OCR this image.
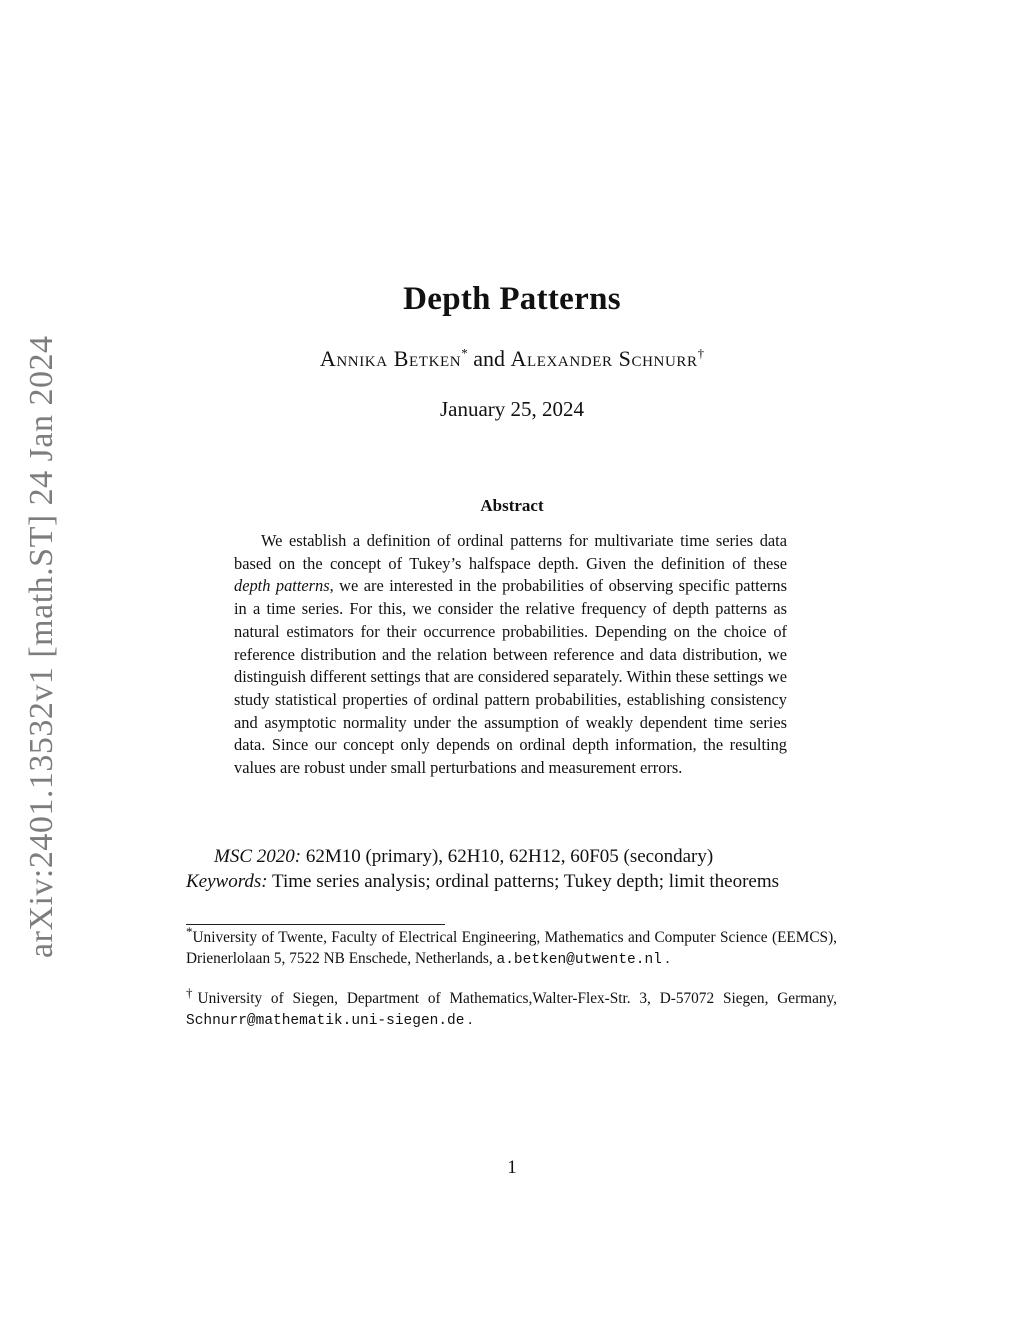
arXiv:2401.13532v1 [math.ST] 24 Jan 2024
Depth Patterns
Annika Betken* and Alexander Schnurr†
January 25, 2024
Abstract
We establish a definition of ordinal patterns for multivariate time series data based on the concept of Tukey’s halfspace depth. Given the definition of these depth patterns, we are interested in the probabilities of observing specific patterns in a time series. For this, we consider the relative frequency of depth patterns as natural estimators for their occurrence probabilities. Depending on the choice of reference distribution and the relation between reference and data distribution, we distinguish different settings that are considered separately. Within these settings we study statistical properties of ordinal pattern probabilities, establishing consistency and asymptotic normality under the assumption of weakly dependent time series data. Since our concept only depends on ordinal depth information, the resulting values are robust under small perturbations and measurement errors.
MSC 2020: 62M10 (primary), 62H10, 62H12, 60F05 (secondary)
Keywords: Time series analysis; ordinal patterns; Tukey depth; limit theorems
*University of Twente, Faculty of Electrical Engineering, Mathematics and Computer Science (EEMCS), Drienerlolaan 5, 7522 NB Enschede, Netherlands, a.betken@utwente.nl .
†University of Siegen, Department of Mathematics,Walter-Flex-Str. 3, D-57072 Siegen, Germany, Schnurr@mathematik.uni-siegen.de .
1
